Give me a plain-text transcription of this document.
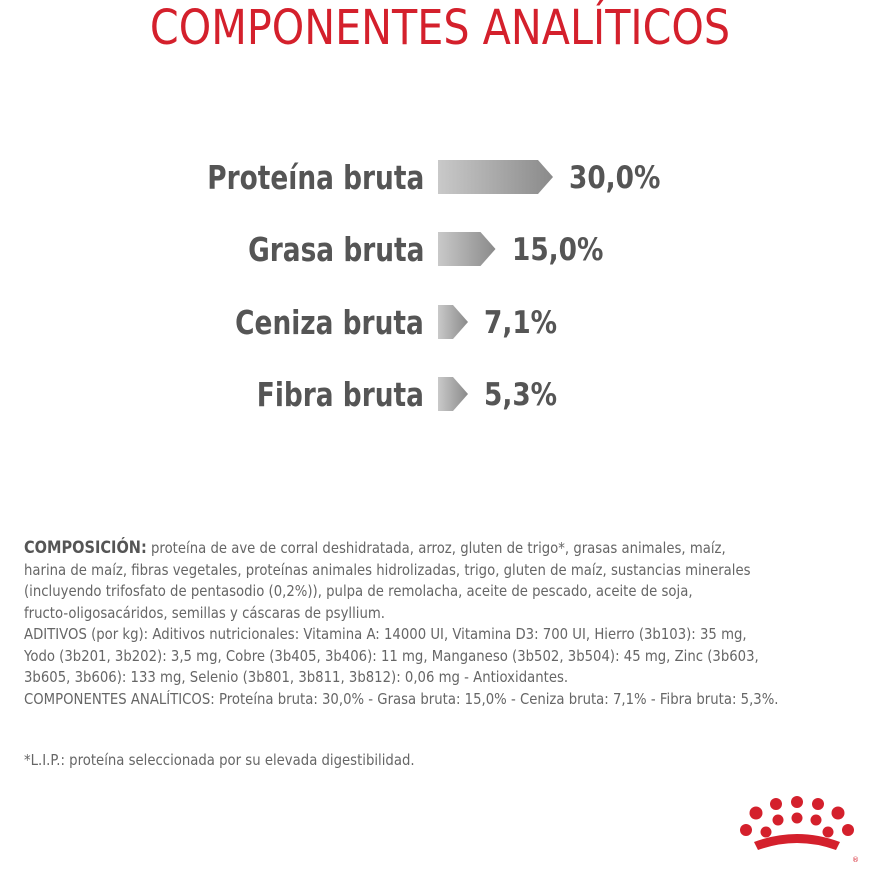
COMPONENTES ANALÍTICOS
Proteína bruta	30,0%
Grasa bruta	15,0%
Ceniza bruta 7,1%
Fibra bruta 5,3%
COMPOSICIÓN: proteína de ave de corral deshidratada, arroz, gluten de trigo*, grasas animales, maíz,
harina de maíz, fibras vegetales, proteínas animales hidrolizadas, trigo, gluten de maíz, sustancias minerales
(incluyendo trifosfato de pentasodio (0,2%)), pulpa de remolacha, aceite de pescado, aceite de soja,
fructo-oligosacáridos, semillas y cáscaras de psyllium.
ADITIVOS (por kg): Aditivos nutricionales: Vitamina A: 14000 UI, Vitamina D3: 700 UI, Hierro (3b103): 35 mg,
Yodo (3b201, 3b202): 3,5 mg, Cobre (3b405, 3b406): 11 mg, Manganeso (3b502, 3b504): 45 mg, Zinc (3b603,
3b605, 3b606): 133 mg, Selenio (3b801, 3b811, 3b812): 0,06 mg - Antioxidantes.
COMPONENTES ANALÍTICOS: Proteína bruta: 30,0% - Grasa bruta: 15,0% - Ceniza bruta: 7,1% - Fibra bruta: 5,3%.
*L.I.P.: proteína seleccionada por su elevada digestibilidad.
®
